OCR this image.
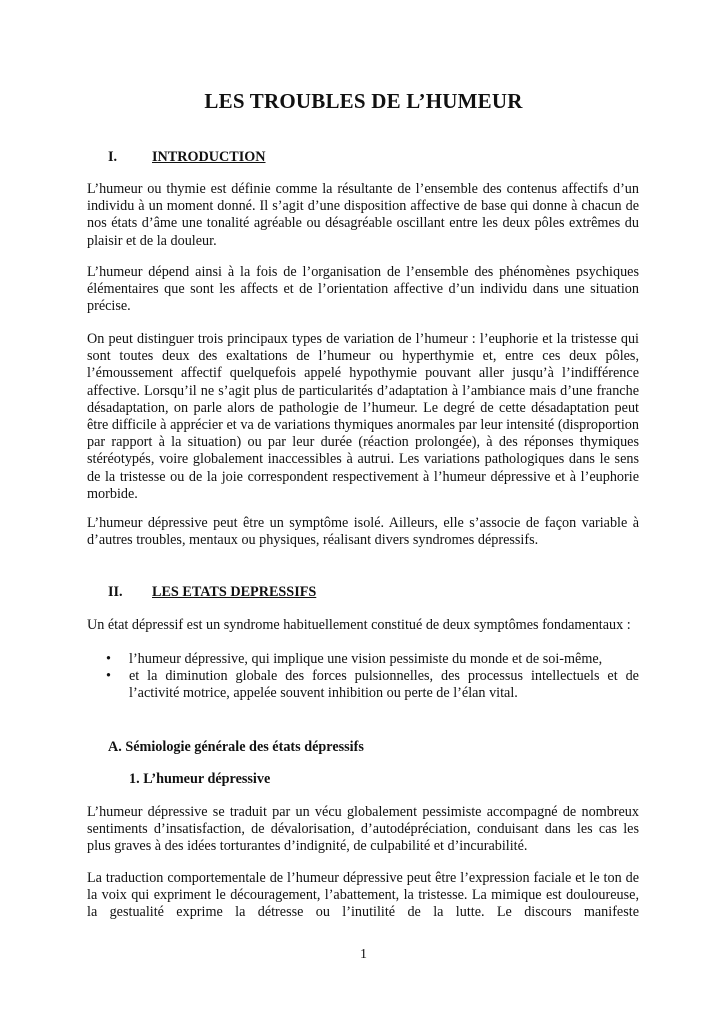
LES TROUBLES DE L’HUMEUR
I. INTRODUCTION

L’humeur ou thymie est définie comme la résultante de l’ensemble des contenus affectifs d’un individu à un moment donné. Il s’agit d’une disposition affective de base qui donne à chacun de nos états d’âme une tonalité agréable ou désagréable oscillant entre les deux pôles extrêmes du plaisir et de la douleur.

L’humeur dépend ainsi à la fois de l’organisation de l’ensemble des phénomènes psychiques élémentaires que sont les affects et de l’orientation affective d’un individu dans une situation précise.

On peut distinguer trois principaux types de variation de l’humeur : l’euphorie et la tristesse qui sont toutes deux des exaltations de l’humeur ou hyperthymie et, entre ces deux pôles, l’émoussement affectif quelquefois appelé hypothymie pouvant aller jusqu’à l’indifférence affective. Lorsqu’il ne s’agit plus de particularités d’adaptation à l’ambiance mais d’une franche désadaptation, on parle alors de pathologie de l’humeur. Le degré de cette désadaptation peut être difficile à apprécier et va de variations thymiques anormales par leur intensité (disproportion par rapport à la situation) ou par leur durée (réaction prolongée), à des réponses thymiques stéréotypés, voire globalement inaccessibles à autrui. Les variations pathologiques dans le sens de la tristesse ou de la joie correspondent respectivement à l’humeur dépressive et à l’euphorie morbide.

L’humeur dépressive peut être un symptôme isolé. Ailleurs, elle s’associe de façon variable à d’autres troubles, mentaux ou physiques, réalisant divers syndromes dépressifs.

II. LES ETATS DEPRESSIFS

Un état dépressif est un syndrome habituellement constitué de deux symptômes fondamentaux :

• l’humeur dépressive, qui implique une vision pessimiste du monde et de soi-même,
• et la diminution globale des forces pulsionnelles, des processus intellectuels et de l’activité motrice, appelée souvent inhibition ou perte de l’élan vital.
A. Sémiologie générale des états dépressifs
1. L’humeur dépressive

L’humeur dépressive se traduit par un vécu globalement pessimiste accompagné de nombreux sentiments d’insatisfaction, de dévalorisation, d’autodépréciation, conduisant dans les cas les plus graves à des idées torturantes d’indignité, de culpabilité et d’incurabilité.

La traduction comportementale de l’humeur dépressive peut être l’expression faciale et le ton de la voix qui expriment le découragement, l’abattement, la tristesse. La mimique est douloureuse, la gestualité exprime la détresse ou l’inutilité de la lutte. Le discours manifeste

1
